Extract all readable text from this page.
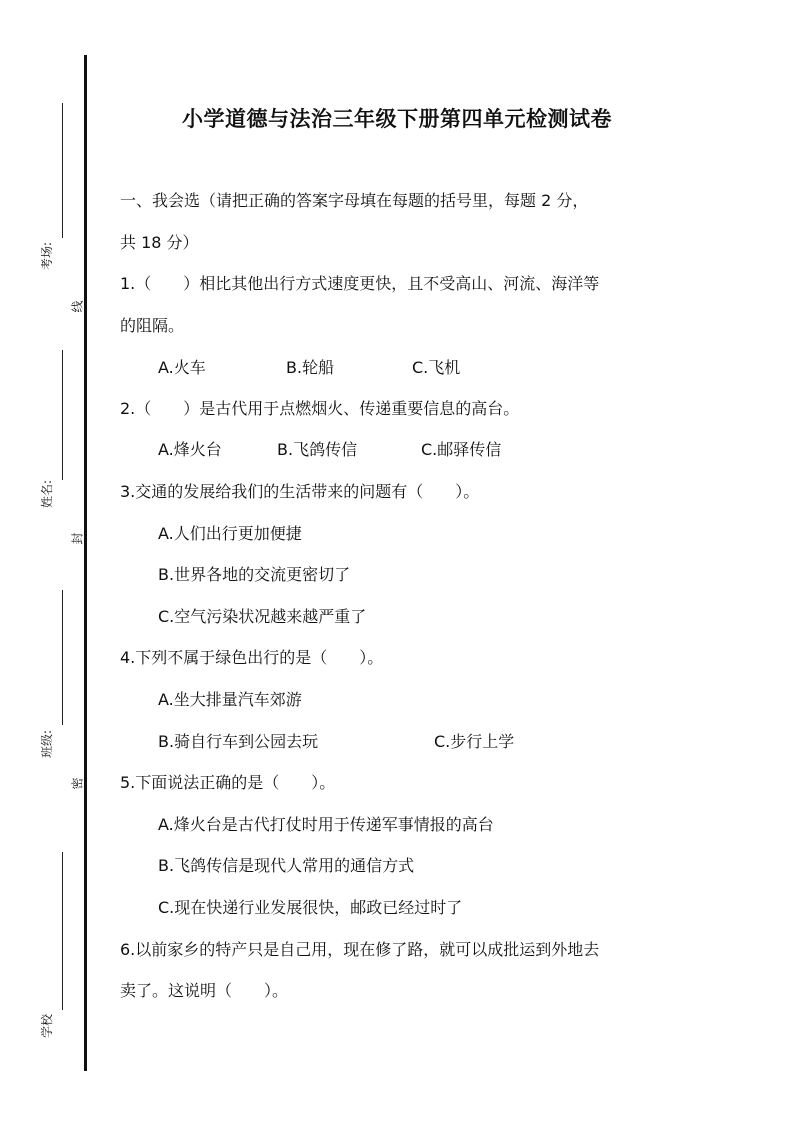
考场:
姓名:
班级:
学校
线
封
密
小学道德与法治三年级下册第四单元检测试卷
一、我会选（请把正确的答案字母填在每题的括号里，每题 2 分，
共 18 分）
1.（　　）相比其他出行方式速度更快，且不受高山、河流、海洋等
的阻隔。
A.火车	B.轮船	C.飞机
2.（　　）是古代用于点燃烟火、传递重要信息的高台。
A.烽火台	B.飞鸽传信	C.邮驿传信
3.交通的发展给我们的生活带来的问题有（　　）。
A.人们出行更加便捷
B.世界各地的交流更密切了
C.空气污染状况越来越严重了
4.下列不属于绿色出行的是（　　）。
A.坐大排量汽车郊游
B.骑自行车到公园去玩	C.步行上学
5.下面说法正确的是（　　）。
A.烽火台是古代打仗时用于传递军事情报的高台
B.飞鸽传信是现代人常用的通信方式
C.现在快递行业发展很快，邮政已经过时了
6.以前家乡的特产只是自己用，现在修了路，就可以成批运到外地去
卖了。这说明（　　）。
